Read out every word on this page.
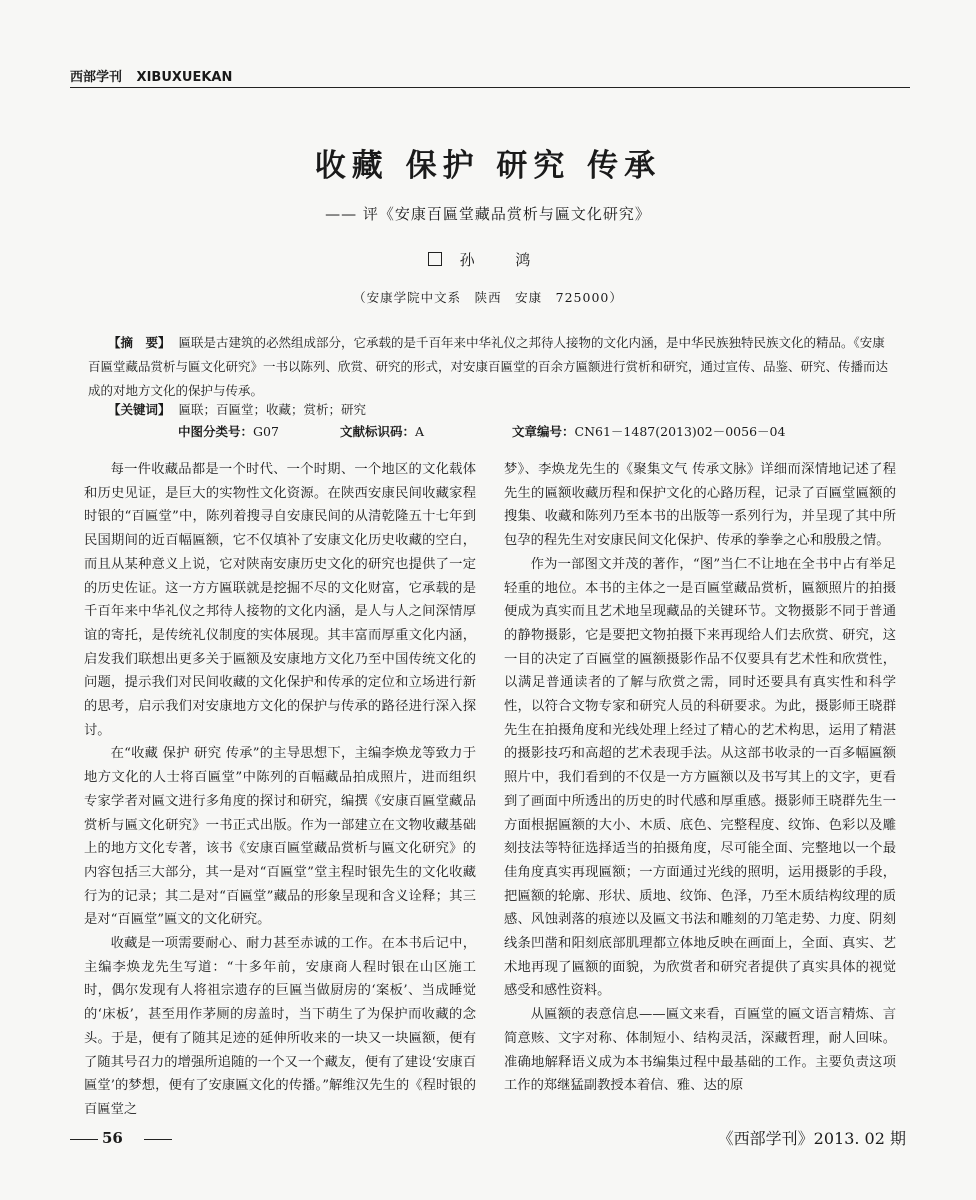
西部学刊 XIBUXUEKAN
收藏 保护 研究 传承
—— 评《安康百匾堂藏品赏析与匾文化研究》
孙 鸿
（安康学院中文系　陕西　安康　725000）
【摘　要】 匾联是古建筑的必然组成部分，它承载的是千百年来中华礼仪之邦待人接物的文化内涵，是中华民族独特民族文化的精品。《安康百匾堂藏品赏析与匾文化研究》一书以陈列、欣赏、研究的形式，对安康百匾堂的百余方匾额进行赏析和研究，通过宣传、品鉴、研究、传播而达成的对地方文化的保护与传承。
【关键词】 匾联；百匾堂；收藏；赏析；研究
中图分类号：G07	文献标识码：A	文章编号：CN61－1487(2013)02－0056－04

每一件收藏品都是一个时代、一个时期、一个地区的文化载体和历史见证，是巨大的实物性文化资源。在陕西安康民间收藏家程时银的“百匾堂”中，陈列着搜寻自安康民间的从清乾隆五十七年到民国期间的近百幅匾额，它不仅填补了安康文化历史收藏的空白，而且从某种意义上说，它对陕南安康历史文化的研究也提供了一定的历史佐证。这一方方匾联就是挖掘不尽的文化财富，它承载的是千百年来中华礼仪之邦待人接物的文化内涵，是人与人之间深情厚谊的寄托，是传统礼仪制度的实体展现。其丰富而厚重文化内涵，启发我们联想出更多关于匾额及安康地方文化乃至中国传统文化的问题，提示我们对民间收藏的文化保护和传承的定位和立场进行新的思考，启示我们对安康地方文化的保护与传承的路径进行深入探讨。

在“收藏 保护 研究 传承”的主导思想下，主编李焕龙等致力于地方文化的人士将百匾堂”中陈列的百幅藏品拍成照片，进而组织专家学者对匾文进行多角度的探讨和研究，编撰《安康百匾堂藏品赏析与匾文化研究》一书正式出版。作为一部建立在文物收藏基础上的地方文化专著，该书《安康百匾堂藏品赏析与匾文化研究》的内容包括三大部分，其一是对“百匾堂”堂主程时银先生的文化收藏行为的记录；其二是对“百匾堂”藏品的形象呈现和含义诠释；其三是对“百匾堂”匾文的文化研究。

收藏是一项需要耐心、耐力甚至赤诚的工作。在本书后记中，主编李焕龙先生写道：“十多年前，安康商人程时银在山区施工时，偶尔发现有人将祖宗遗存的巨匾当做厨房的‘案板’、当成睡觉的‘床板’，甚至用作茅厕的房盖时，当下萌生了为保护而收藏的念头。于是，便有了随其足迹的延伸所收来的一块又一块匾额，便有了随其号召力的增强所追随的一个又一个藏友，便有了建设‘安康百匾堂’的梦想，便有了安康匾文化的传播。”解维汉先生的《程时银的百匾堂之

梦》、李焕龙先生的《聚集文气 传承文脉》详细而深情地记述了程先生的匾额收藏历程和保护文化的心路历程，记录了百匾堂匾额的搜集、收藏和陈列乃至本书的出版等一系列行为，并呈现了其中所包孕的程先生对安康民间文化保护、传承的拳拳之心和殷殷之情。

作为一部图文并茂的著作，“图”当仁不让地在全书中占有举足轻重的地位。本书的主体之一是百匾堂藏品赏析，匾额照片的拍摄便成为真实而且艺术地呈现藏品的关键环节。文物摄影不同于普通的静物摄影，它是要把文物拍摄下来再现给人们去欣赏、研究，这一目的决定了百匾堂的匾额摄影作品不仅要具有艺术性和欣赏性，以满足普通读者的了解与欣赏之需，同时还要具有真实性和科学性，以符合文物专家和研究人员的科研要求。为此，摄影师王晓群先生在拍摄角度和光线处理上经过了精心的艺术构思，运用了精湛的摄影技巧和高超的艺术表现手法。从这部书收录的一百多幅匾额照片中，我们看到的不仅是一方方匾额以及书写其上的文字，更看到了画面中所透出的历史的时代感和厚重感。摄影师王晓群先生一方面根据匾额的大小、木质、底色、完整程度、纹饰、色彩以及雕刻技法等特征选择适当的拍摄角度，尽可能全面、完整地以一个最佳角度真实再现匾额；一方面通过光线的照明，运用摄影的手段，把匾额的轮廓、形状、质地、纹饰、色泽，乃至木质结构纹理的质感、风蚀剥落的痕迹以及匾文书法和雕刻的刀笔走势、力度、阴刻线条凹凿和阳刻底部肌理都立体地反映在画面上，全面、真实、艺术地再现了匾额的面貌，为欣赏者和研究者提供了真实具体的视觉感受和感性资料。

从匾额的表意信息——匾文来看，百匾堂的匾文语言精炼、言简意赅、文字对称、体制短小、结构灵活，深藏哲理，耐人回味。准确地解释语义成为本书编集过程中最基础的工作。主要负责这项工作的郑继猛副教授本着信、雅、达的原

56	《西部学刊》2013. 02 期
